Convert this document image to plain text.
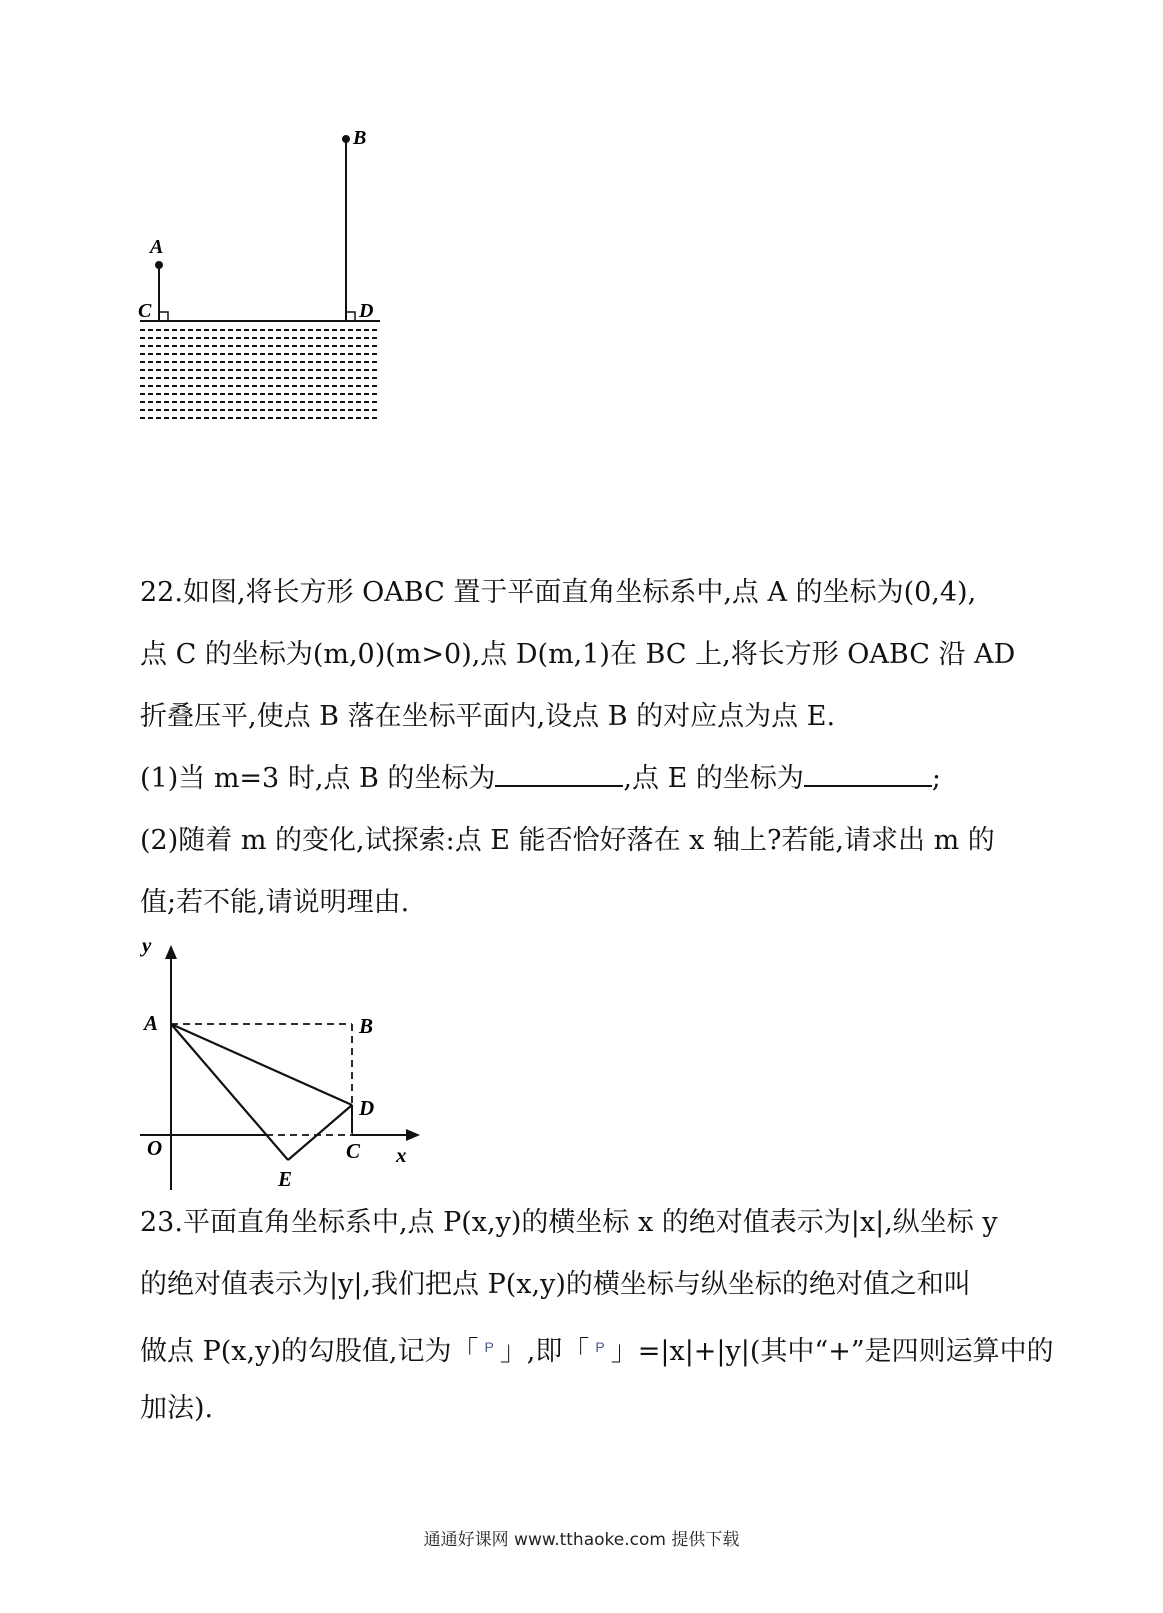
A
B
C	D
22.如图,将长方形 OABC 置于平面直角坐标系中,点 A 的坐标为(0,4),
点 C 的坐标为(m,0)(m>0),点 D(m,1)在 BC 上,将长方形 OABC 沿 AD
折叠压平,使点 B 落在坐标平面内,设点 B 的对应点为点 E.
(1)当 m=3 时,点 B 的坐标为	,点 E 的坐标为	;
(2)随着 m 的变化,试探索:点 E 能否恰好落在 x 轴上?若能,请求出 m 的
值;若不能,请说明理由.
y
x
O
A	B
C
D
E
23.平面直角坐标系中,点 P(x,y)的横坐标 x 的绝对值表示为|x|,纵坐标 y
的绝对值表示为|y|,我们把点 P(x,y)的横坐标与纵坐标的绝对值之和叫
做点 P(x,y)的勾股值,记为「 P 」,即「 P 」=|x|+|y|(其中“+”是四则运算中的
加法).
通通好课网 www.tthaoke.com 提供下载
